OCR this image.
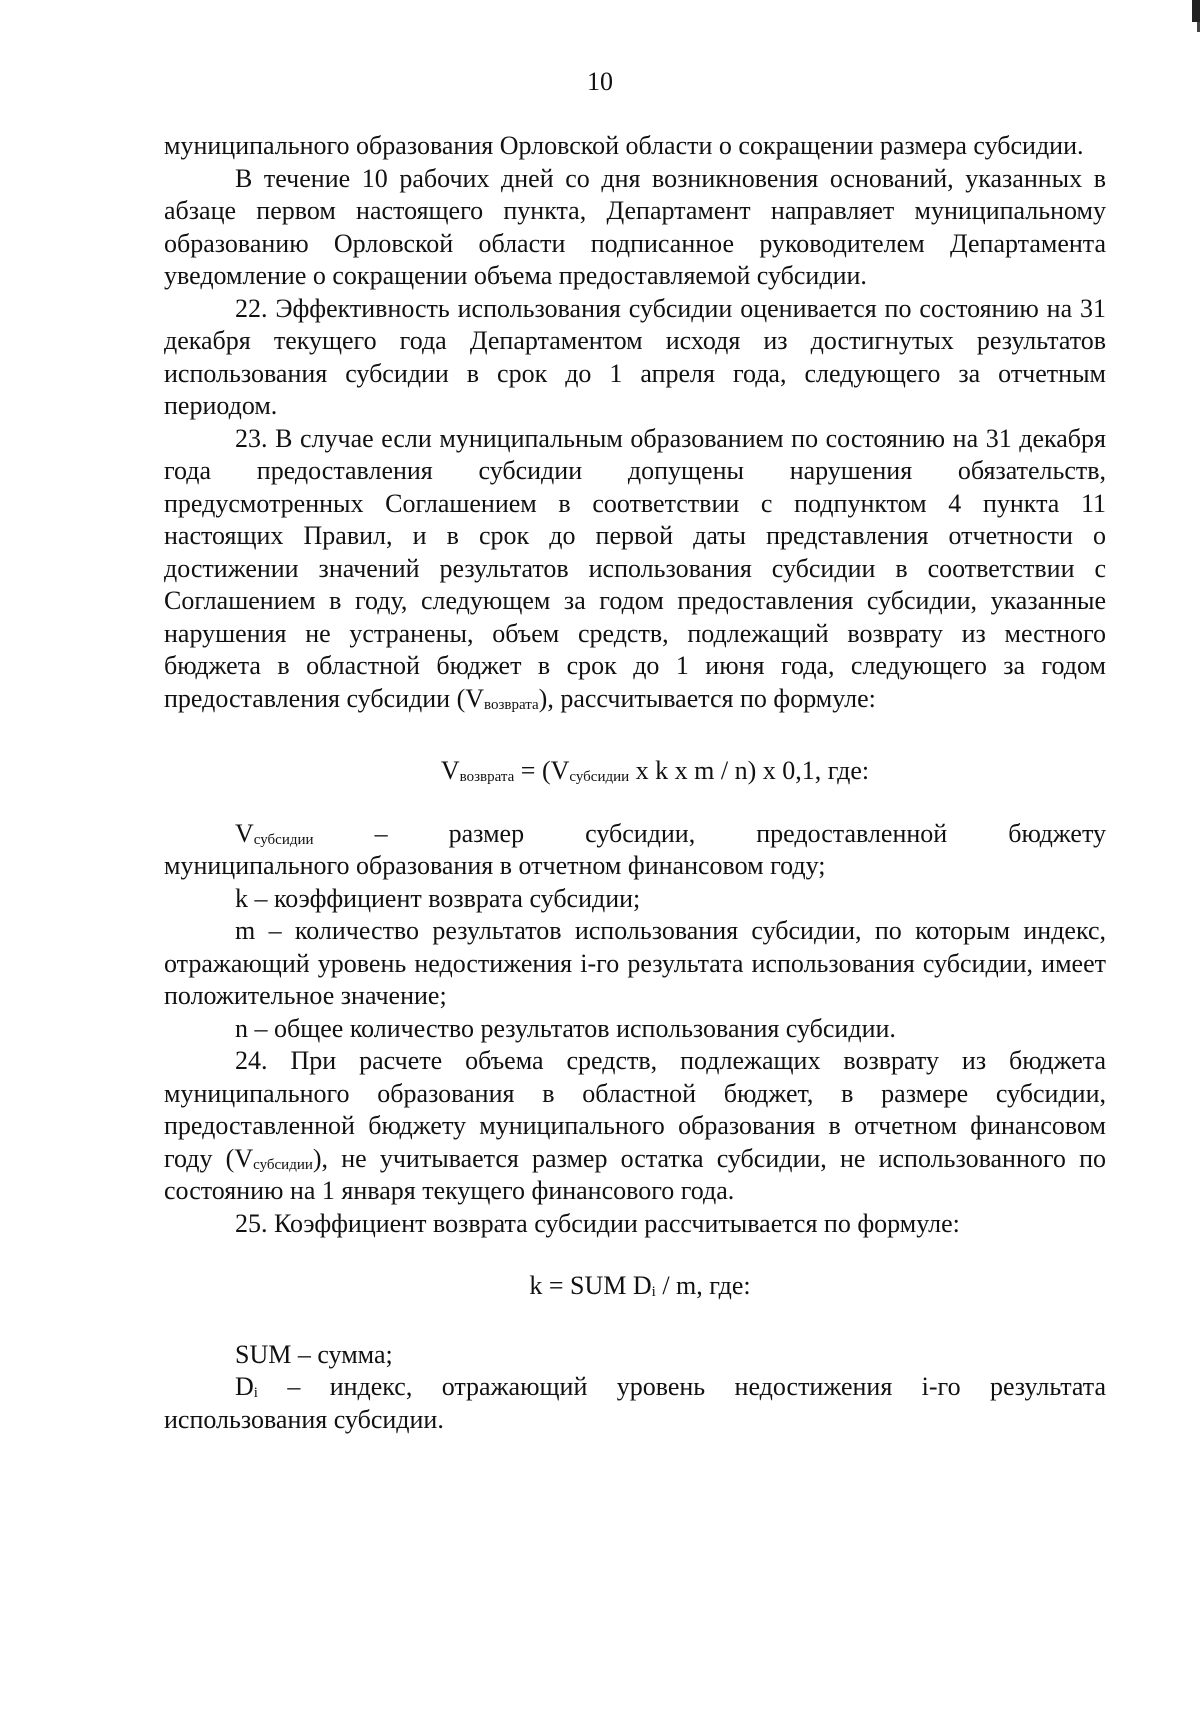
10

муниципального образования Орловской области о сокращении размера субсидии.

В течение 10 рабочих дней со дня возникновения оснований, указанных в абзаце первом настоящего пункта, Департамент направляет муниципальному образованию Орловской области подписанное руководителем Департамента уведомление о сокращении объема предоставляемой субсидии.

22. Эффективность использования субсидии оценивается по состоянию на 31 декабря текущего года Департаментом исходя из достигнутых результатов использования субсидии в срок до 1 апреля года, следующего за отчетным периодом.

23. В случае если муниципальным образованием по состоянию на 31 декабря года предоставления субсидии допущены нарушения обязательств, предусмотренных Соглашением в соответствии с подпунктом 4 пункта 11 настоящих Правил, и в срок до первой даты представления отчетности о достижении значений результатов использования субсидии в соответствии с Соглашением в году, следующем за годом предоставления субсидии, указанные нарушения не устранены, объем средств, подлежащий возврату из местного бюджета в областной бюджет в срок до 1 июня года, следующего за годом предоставления субсидии $(V_{возврата})$, рассчитывается по формуле:

$V_{возврата} = (V_{субсидии}$ x k x m / n) x 0,1, где:

$V_{субсидии}$ – размер субсидии, предоставленной бюджету

муниципального образования в отчетном финансовом году;

k – коэффициент возврата субсидии;

m – количество результатов использования субсидии, по которым индекс, отражающий уровень недостижения i-го результата использования субсидии, имеет положительное значение;

n – общее количество результатов использования субсидии.

24. При расчете объема средств, подлежащих возврату из бюджета муниципального образования в областной бюджет, в размере субсидии, предоставленной бюджету муниципального образования в отчетном финансовом году $(V_{субсидии})$, не учитывается размер остатка субсидии, не использованного по состоянию на 1 января текущего финансового года.

25. Коэффициент возврата субсидии рассчитывается по формуле:

k = SUM $D_i$ / m, где:

SUM – сумма;

$D_i$ – индекс, отражающий уровень недостижения i-го результата использования субсидии.
